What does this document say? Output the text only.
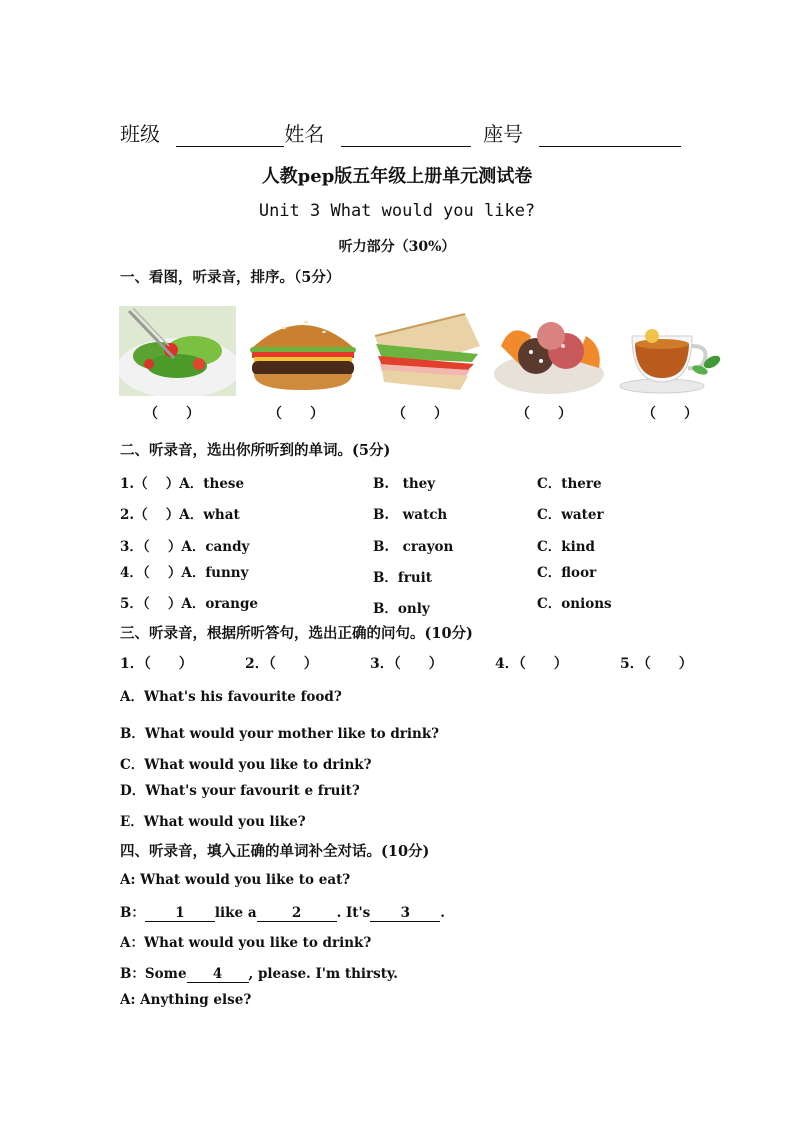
班级	姓名	座号
人教pep版五年级上册单元测试卷
Unit 3 What would you like?
听力部分（30%）
一、看图，听录音，排序。（5分）
（　　）	（　　）	（　　）	（　　）	（　　）
二、听录音，选出你所听到的单词。(5分)
1.（　 ）A．these	B.　they	C．there
2.（　 ）A．what	B.　watch	C．water
3．（　 ）A．candy	B.　crayon	C．kind
4．（　 ）A．funny	B．fruit	C．floor
5．（　 ）A．orange	B．only	C．onions
三、听录音，根据所听答句，选出正确的问句。(10分)
1．（　　）	2．（　　）	3．（　　）	4．（　　）	5．（　　）
A．What's his favourite food?
B．What would your mother like to drink?
C．What would you like to drink?
D．What's your favourit e fruit?
E．What would you like?
四、听录音，填入正确的单词补全对话。(10分)
A: What would you like to eat?
B： 1 like a	2	. It's 3 .
A：What would you like to drink?
B：Some 4 , please. I'm thirsty.
A: Anything else?
